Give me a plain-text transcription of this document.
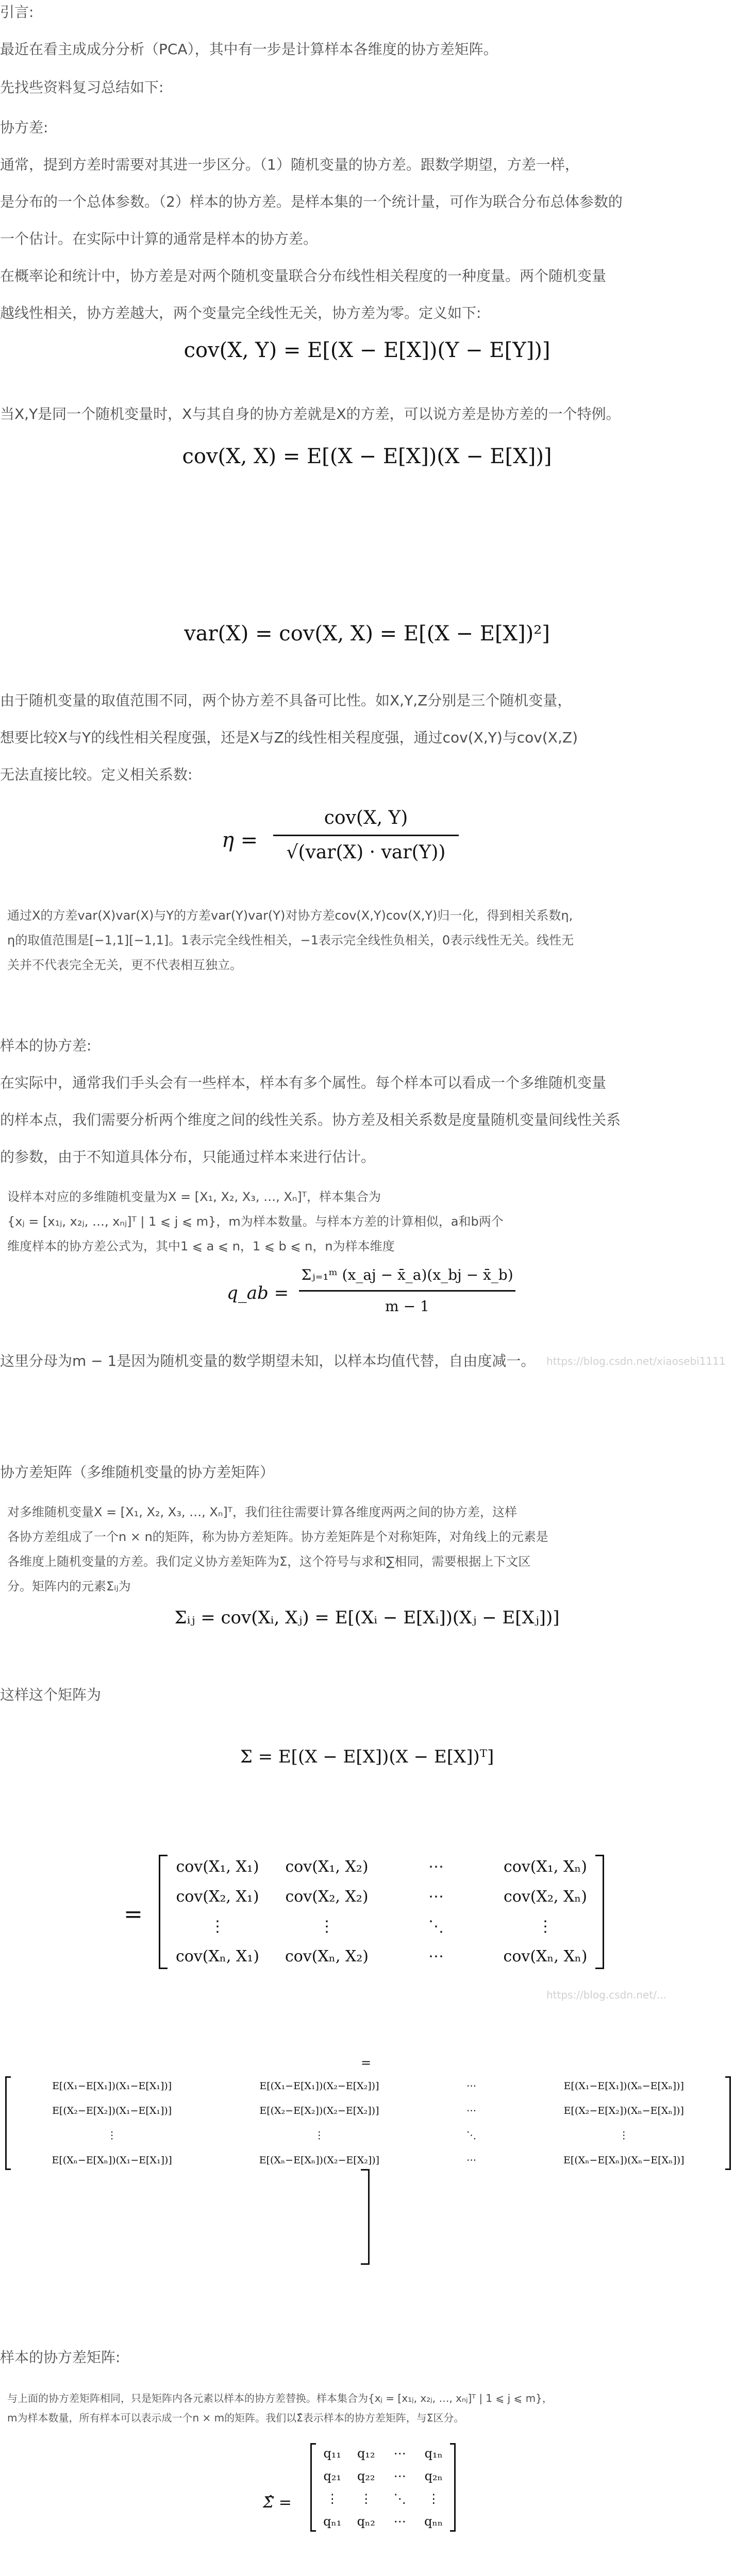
引言:

最近在看主成成分分析（PCA），其中有一步是计算样本各维度的协方差矩阵。

先找些资料复习总结如下:

协方差:

通常，提到方差时需要对其进一步区分。（1）随机变量的协方差。跟数学期望，方差一样，

是分布的一个总体参数。（2）样本的协方差。是样本集的一个统计量，可作为联合分布总体参数的

一个估计。在实际中计算的通常是样本的协方差。

在概率论和统计中，协方差是对两个随机变量联合分布线性相关程度的一种度量。两个随机变量

越线性相关，协方差越大，两个变量完全线性无关，协方差为零。定义如下:

cov(X, Y) = E[(X − E[X])(Y − E[Y])]

当X,Y是同一个随机变量时，X与其自身的协方差就是X的方差，可以说方差是协方差的一个特例。

cov(X, X) = E[(X − E[X])(X − E[X])]

var(X) = cov(X, X) = E[(X − E[X])²]

由于随机变量的取值范围不同，两个协方差不具备可比性。如X,Y,Z分别是三个随机变量，

想要比较X与Y的线性相关程度强，还是X与Z的线性相关程度强，通过cov(X,Y)与cov(X,Z)

无法直接比较。定义相关系数:

η =
cov(X, Y)
√(var(X) · var(Y))

通过X的方差var(X)var(X)与Y的方差var(Y)var(Y)对协方差cov(X,Y)cov(X,Y)归一化，得到相关系数η,

η的取值范围是[−1,1][−1,1]。1表示完全线性相关，−1表示完全线性负相关，0表示线性无关。线性无

关并不代表完全无关，更不代表相互独立。

样本的协方差:

在实际中，通常我们手头会有一些样本，样本有多个属性。每个样本可以看成一个多维随机变量

的样本点，我们需要分析两个维度之间的线性关系。协方差及相关系数是度量随机变量间线性关系

的参数，由于不知道具体分布，只能通过样本来进行估计。

设样本对应的多维随机变量为X = [X₁, X₂, X₃, …, Xₙ]ᵀ，样本集合为

{xⱼ = [x₁ⱼ, x₂ⱼ, …, xₙⱼ]ᵀ | 1 ⩽ j ⩽ m}，m为样本数量。与样本方差的计算相似，a和b两个

维度样本的协方差公式为，其中1 ⩽ a ⩽ n，1 ⩽ b ⩽ n，n为样本维度

q_ab =
Σⱼ₌₁ᵐ (x_aj − x̄_a)(x_bj − x̄_b)
m − 1

这里分母为m − 1是因为随机变量的数学期望未知，以样本均值代替，自由度减一。	https://blog.csdn.net/xiaosebi1111

协方差矩阵（多维随机变量的协方差矩阵）

对多维随机变量X = [X₁, X₂, X₃, …, Xₙ]ᵀ，我们往往需要计算各维度两两之间的协方差，这样

各协方差组成了一个n × n的矩阵，称为协方差矩阵。协方差矩阵是个对称矩阵，对角线上的元素是

各维度上随机变量的方差。我们定义协方差矩阵为Σ，这个符号与求和∑相同，需要根据上下文区

分。矩阵内的元素Σᵢⱼ为

Σᵢⱼ = cov(Xᵢ, Xⱼ) = E[(Xᵢ − E[Xᵢ])(Xⱼ − E[Xⱼ])]

这样这个矩阵为

Σ = E[(X − E[X])(X − E[X])ᵀ]

=
cov(X₁, X₁)	cov(X₁, X₂)	⋯	cov(X₁, Xₙ)
cov(X₂, X₁)	cov(X₂, X₂)	⋯	cov(X₂, Xₙ)
⋮	⋮	⋱	⋮
cov(Xₙ, X₁)	cov(Xₙ, X₂)	⋯	cov(Xₙ, Xₙ)
https://blog.csdn.net/...
=
E[(X₁−E[X₁])(X₁−E[X₁])]	E[(X₁−E[X₁])(X₂−E[X₂])]	⋯	E[(X₁−E[X₁])(Xₙ−E[Xₙ])]
E[(X₂−E[X₂])(X₁−E[X₁])]	E[(X₂−E[X₂])(X₂−E[X₂])]	⋯	E[(X₂−E[X₂])(Xₙ−E[Xₙ])]
⋮	⋮	⋱	⋮
E[(Xₙ−E[Xₙ])(X₁−E[X₁])]	E[(Xₙ−E[Xₙ])(X₂−E[X₂])]	⋯	E[(Xₙ−E[Xₙ])(Xₙ−E[Xₙ])]

样本的协方差矩阵:

与上面的协方差矩阵相同，只是矩阵内各元素以样本的协方差替换。样本集合为{xⱼ = [x₁ⱼ, x₂ⱼ, …, xₙⱼ]ᵀ | 1 ⩽ j ⩽ m}，

m为样本数量，所有样本可以表示成一个n × m的矩阵。我们以Σ̂表示样本的协方差矩阵，与Σ区分。

Σ̂ =
q₁₁	q₁₂	⋯	q₁ₙ
q₂₁	q₂₂	⋯	q₂ₙ
⋮	⋮	⋱	⋮
qₙ₁	qₙ₂	⋯	qₙₙ
